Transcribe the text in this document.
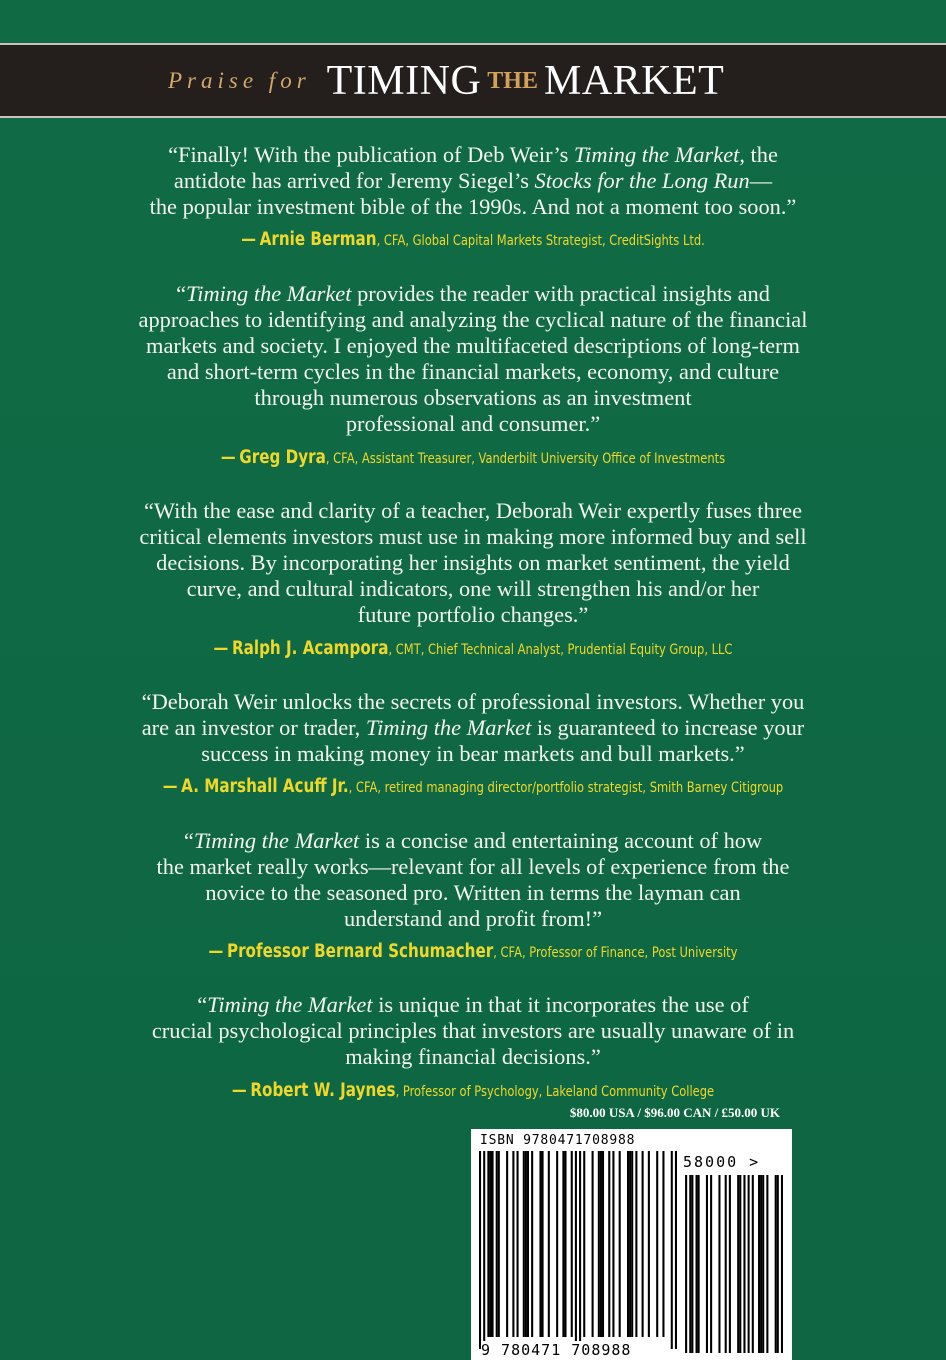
Praise for TIMING THE MARKET
“Finally! With the publication of Deb Weir’s Timing the Market, the
antidote has arrived for Jeremy Siegel’s Stocks for the Long Run—
the popular investment bible of the 1990s. And not a moment too soon.”
— Arnie Berman, CFA, Global Capital Markets Strategist, CreditSights Ltd.
“Timing the Market provides the reader with practical insights and
approaches to identifying and analyzing the cyclical nature of the financial
markets and society. I enjoyed the multifaceted descriptions of long-term
and short-term cycles in the financial markets, economy, and culture
through numerous observations as an investment
professional and consumer.”
— Greg Dyra, CFA, Assistant Treasurer, Vanderbilt University Office of Investments
“With the ease and clarity of a teacher, Deborah Weir expertly fuses three
critical elements investors must use in making more informed buy and sell
decisions. By incorporating her insights on market sentiment, the yield
curve, and cultural indicators, one will strengthen his and/or her
future portfolio changes.”
— Ralph J. Acampora, CMT, Chief Technical Analyst, Prudential Equity Group, LLC
“Deborah Weir unlocks the secrets of professional investors. Whether you
are an investor or trader, Timing the Market is guaranteed to increase your
success in making money in bear markets and bull markets.”
— A. Marshall Acuff Jr., CFA, retired managing director/portfolio strategist, Smith Barney Citigroup
“Timing the Market is a concise and entertaining account of how
the market really works—relevant for all levels of experience from the
novice to the seasoned pro. Written in terms the layman can
understand and profit from!”
— Professor Bernard Schumacher, CFA, Professor of Finance, Post University
“Timing the Market is unique in that it incorporates the use of
crucial psychological principles that investors are usually unaware of in
making financial decisions.”
— Robert W. Jaynes, Professor of Psychology, Lakeland Community College
$80.00 USA / $96.00 CAN / £50.00 UK
ISBN 9780471708988
58000 >
9 780471 708988
